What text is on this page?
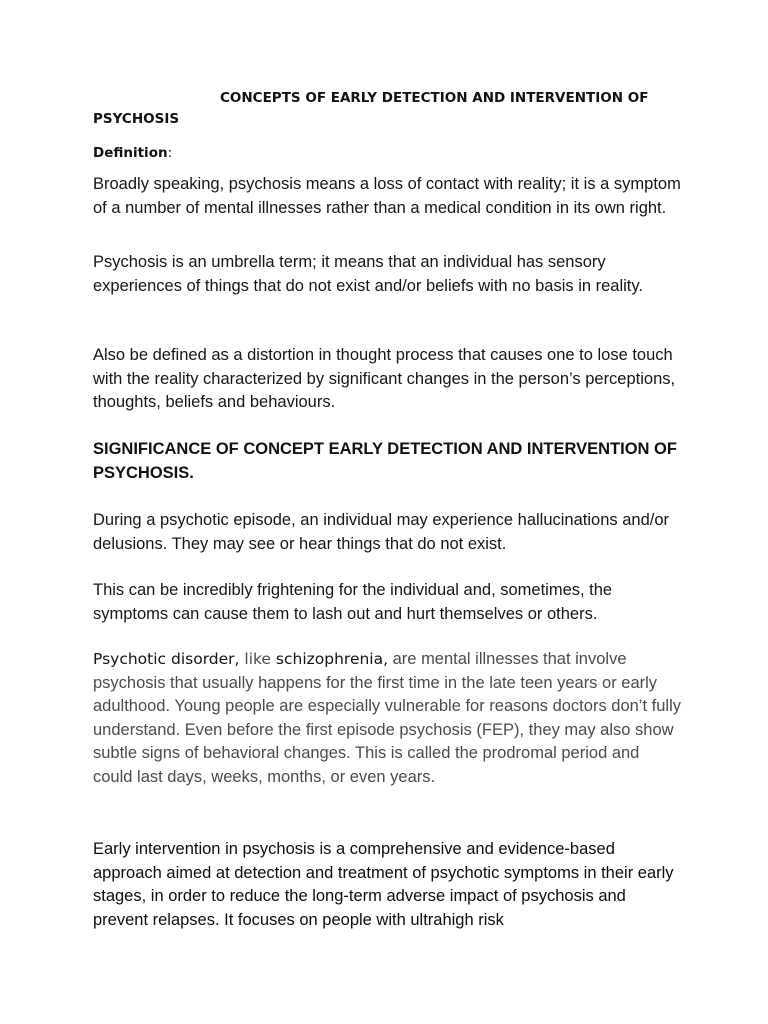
CONCEPTS OF EARLY DETECTION AND INTERVENTION OF
PSYCHOSIS

Definition:

Broadly speaking, psychosis means a loss of contact with reality; it is a symptom of a number of mental illnesses rather than a medical condition in its own right.

Psychosis is an umbrella term; it means that an individual has sensory experiences of things that do not exist and/or beliefs with no basis in reality.

Also be defined as a distortion in thought process that causes one to lose touch with the reality characterized by significant changes in the person’s perceptions, thoughts, beliefs and behaviours.

SIGNIFICANCE OF CONCEPT EARLY DETECTION AND INTERVENTION OF PSYCHOSIS.

During a psychotic episode, an individual may experience hallucinations and/or delusions. They may see or hear things that do not exist.

This can be incredibly frightening for the individual and, sometimes, the symptoms can cause them to lash out and hurt themselves or others.

Psychotic disorder, like schizophrenia, are mental illnesses that involve psychosis that usually happens for the first time in the late teen years or early adulthood. Young people are especially vulnerable for reasons doctors don’t fully understand. Even before the first episode psychosis (FEP), they may also show subtle signs of behavioral changes. This is called the prodromal period and could last days, weeks, months, or even years.

Early intervention in psychosis is a comprehensive and evidence-based approach aimed at detection and treatment of psychotic symptoms in their early stages, in order to reduce the long-term adverse impact of psychosis and prevent relapses. It focuses on people with ultrahigh risk
